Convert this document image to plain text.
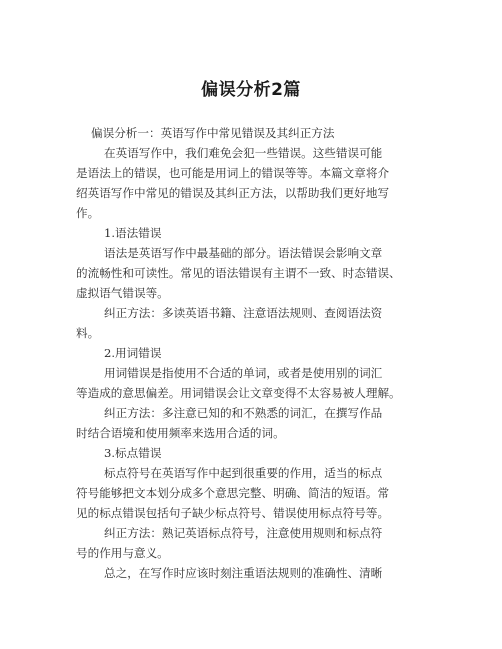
偏误分析2篇
偏误分析一：英语写作中常见错误及其纠正方法
在英语写作中，我们难免会犯一些错误。这些错误可能
是语法上的错误，也可能是用词上的错误等等。本篇文章将介
绍英语写作中常见的错误及其纠正方法，以帮助我们更好地写
作。
1.语法错误
语法是英语写作中最基础的部分。语法错误会影响文章
的流畅性和可读性。常见的语法错误有主谓不一致、时态错误、
虚拟语气错误等。
纠正方法：多读英语书籍、注意语法规则、查阅语法资
料。
2.用词错误
用词错误是指使用不合适的单词，或者是使用别的词汇
等造成的意思偏差。用词错误会让文章变得不太容易被人理解。
纠正方法：多注意已知的和不熟悉的词汇，在撰写作品
时结合语境和使用频率来选用合适的词。
3.标点错误
标点符号在英语写作中起到很重要的作用，适当的标点
符号能够把文本划分成多个意思完整、明确、简洁的短语。常
见的标点错误包括句子缺少标点符号、错误使用标点符号等。
纠正方法：熟记英语标点符号，注意使用规则和标点符
号的作用与意义。
总之，在写作时应该时刻注重语法规则的准确性、清晰
